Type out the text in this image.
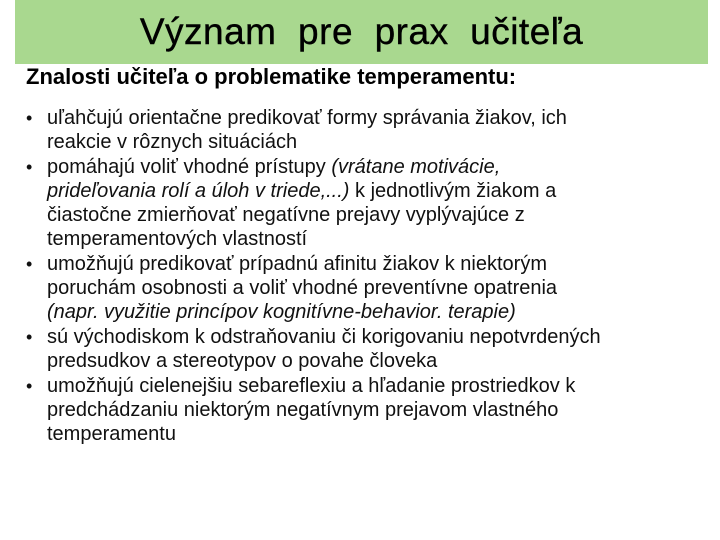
Význam  pre  prax  učiteľa

Znalosti učiteľa o problematike temperamentu:

• uľahčujú orientačne predikovať formy správania žiakov, ich
reakcie v rôznych situáciách
• pomáhajú voliť vhodné prístupy (vrátane motivácie,
prideľovania rolí a úloh v triede,...) k jednotlivým žiakom a
čiastočne zmierňovať negatívne prejavy vyplývajúce z
temperamentových vlastností
• umožňujú predikovať prípadnú afinitu žiakov k niektorým
poruchám osobnosti a voliť vhodné preventívne opatrenia
(napr. využitie princípov kognitívne-behavior. terapie)
• sú východiskom k odstraňovaniu či korigovaniu nepotvrdených
predsudkov a stereotypov o povahe človeka
• umožňujú cielenejšiu sebareflexiu a hľadanie prostriedkov k
predchádzaniu niektorým negatívnym prejavom vlastného
temperamentu
